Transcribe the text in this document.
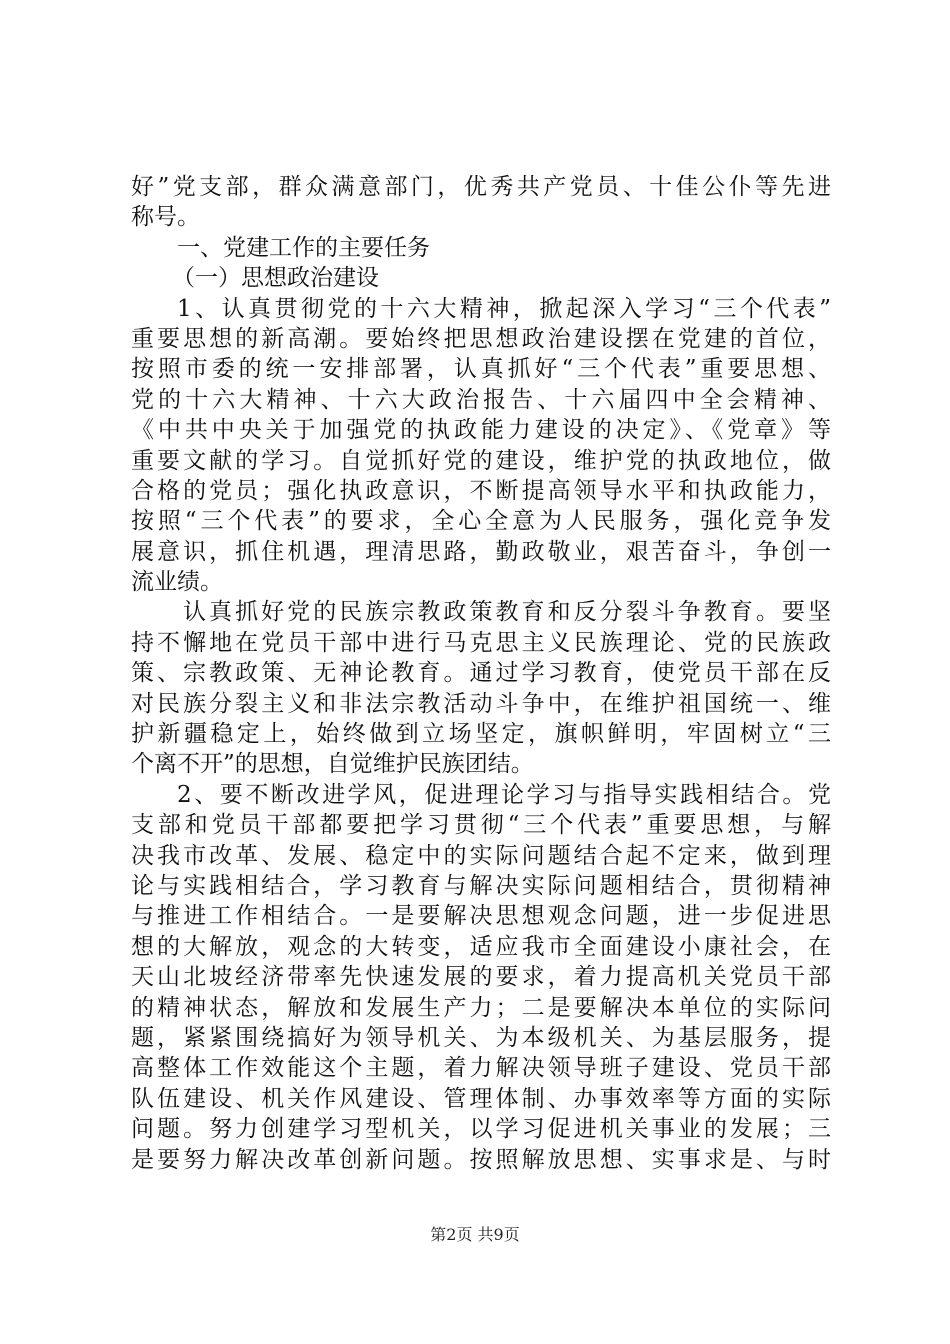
好”党支部，群众满意部门，优秀共产党员、十佳公仆等先进
称号。
一、党建工作的主要任务
（一）思想政治建设
1、认真贯彻党的十六大精神，掀起深入学习“三个代表”
重要思想的新高潮。要始终把思想政治建设摆在党建的首位，
按照市委的统一安排部署，认真抓好“三个代表”重要思想、
党的十六大精神、十六大政治报告、十六届四中全会精神、
《中共中央关于加强党的执政能力建设的决定》、《党章》等
重要文献的学习。自觉抓好党的建设，维护党的执政地位，做
合格的党员；强化执政意识，不断提高领导水平和执政能力，
按照“三个代表”的要求，全心全意为人民服务，强化竞争发
展意识，抓住机遇，理清思路，勤政敬业，艰苦奋斗，争创一
流业绩。
认真抓好党的民族宗教政策教育和反分裂斗争教育。要坚
持不懈地在党员干部中进行马克思主义民族理论、党的民族政
策、宗教政策、无神论教育。通过学习教育，使党员干部在反
对民族分裂主义和非法宗教活动斗争中，在维护祖国统一、维
护新疆稳定上，始终做到立场坚定，旗帜鲜明，牢固树立“三
个离不开”的思想，自觉维护民族团结。
2、要不断改进学风，促进理论学习与指导实践相结合。党
支部和党员干部都要把学习贯彻“三个代表”重要思想，与解
决我市改革、发展、稳定中的实际问题结合起不定来，做到理
论与实践相结合，学习教育与解决实际问题相结合，贯彻精神
与推进工作相结合。一是要解决思想观念问题，进一步促进思
想的大解放，观念的大转变，适应我市全面建设小康社会，在
天山北坡经济带率先快速发展的要求，着力提高机关党员干部
的精神状态，解放和发展生产力；二是要解决本单位的实际问
题，紧紧围绕搞好为领导机关、为本级机关、为基层服务，提
高整体工作效能这个主题，着力解决领导班子建设、党员干部
队伍建设、机关作风建设、管理体制、办事效率等方面的实际
问题。努力创建学习型机关，以学习促进机关事业的发展；三
是要努力解决改革创新问题。按照解放思想、实事求是、与时
第2页 共9页
